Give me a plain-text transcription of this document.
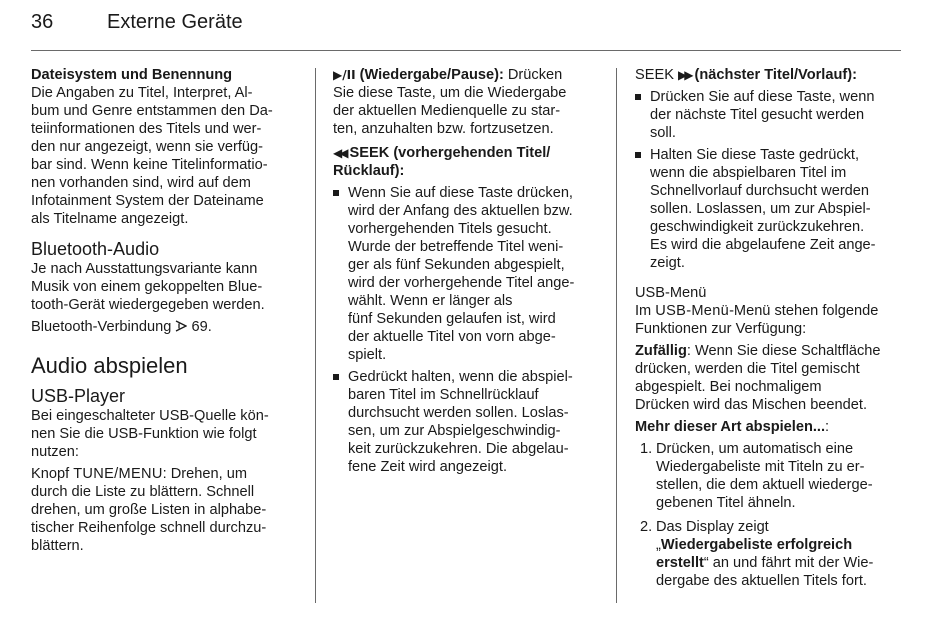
36	Externe Geräte

Dateisystem und Benennung

Die Angaben zu Titel, Interpret, Al-
bum und Genre entstammen den Da-
teiinformationen des Titels und wer-
den nur angezeigt, wenn sie verfüg-
bar sind. Wenn keine Titelinformatio-
nen vorhanden sind, wird auf dem
Infotainment System der Dateiname
als Titelname angezeigt.
Bluetooth-Audio
Je nach Ausstattungsvariante kann
Musik von einem gekoppelten Blue-
tooth-Gerät wiedergegeben werden.
Bluetooth-Verbindung 69.
Audio abspielen
USB-Player
Bei eingeschalteter USB-Quelle kön-
nen Sie die USB-Funktion wie folgt
nutzen:
Knopf TUNE/MENU: Drehen, um
durch die Liste zu blättern. Schnell
drehen, um große Listen in alphabe-
tischer Reihenfolge schnell durchzu-
blättern.
▶/II (Wiedergabe/Pause): Drücken
Sie diese Taste, um die Wiedergabe
der aktuellen Medienquelle zu star-
ten, anzuhalten bzw. fortzusetzen.
◀◀ SEEK (vorhergehenden Titel/
Rücklauf):
Wenn Sie auf diese Taste drücken,
wird der Anfang des aktuellen bzw.
vorhergehenden Titels gesucht.
Wurde der betreffende Titel weni-
ger als fünf Sekunden abgespielt,
wird der vorhergehende Titel ange-
wählt. Wenn er länger als
fünf Sekunden gelaufen ist, wird
der aktuelle Titel von vorn abge-
spielt.
Gedrückt halten, wenn die abspiel-
baren Titel im Schnellrücklauf
durchsucht werden sollen. Loslas-
sen, um zur Abspielgeschwindig-
keit zurückzukehren. Die abgelau-
fene Zeit wird angezeigt.
SEEK ▶▶ (nächster Titel/Vorlauf):
Drücken Sie auf diese Taste, wenn
der nächste Titel gesucht werden
soll.
Halten Sie diese Taste gedrückt,
wenn die abspielbaren Titel im
Schnellvorlauf durchsucht werden
sollen. Loslassen, um zur Abspiel-
geschwindigkeit zurückzukehren.
Es wird die abgelaufene Zeit ange-
zeigt.
USB-Menü
Im USB-Menü-Menü stehen folgende
Funktionen zur Verfügung:
Zufällig: Wenn Sie diese Schaltfläche
drücken, werden die Titel gemischt
abgespielt. Bei nochmaligem
Drücken wird das Mischen beendet.
Mehr dieser Art abspielen...:
1. Drücken, um automatisch eine
Wiedergabeliste mit Titeln zu er-
stellen, die dem aktuell wiederge-
gebenen Titel ähneln.
2. Das Display zeigt
„Wiedergabeliste erfolgreich
erstellt“ an und fährt mit der Wie-
dergabe des aktuellen Titels fort.
